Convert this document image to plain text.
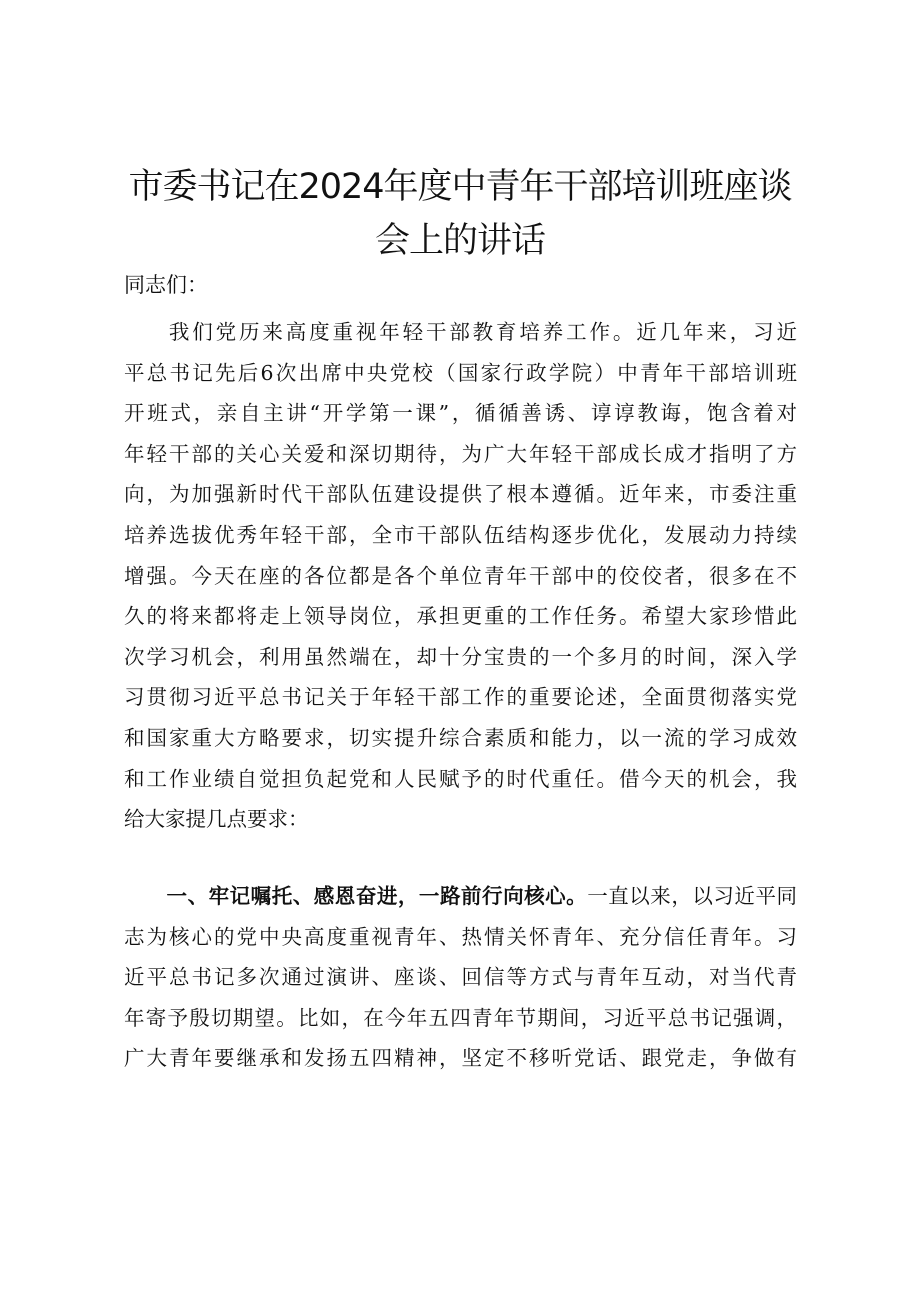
市委书记在2024年度中青年干部培训班座谈
会上的讲话

同志们：

我们党历来高度重视年轻干部教育培养工作。近几年来，习近
平总书记先后6次出席中央党校（国家行政学院）中青年干部培训班
开班式，亲自主讲“开学第一课”，循循善诱、谆谆教诲，饱含着对
年轻干部的关心关爱和深切期待，为广大年轻干部成长成才指明了方
向，为加强新时代干部队伍建设提供了根本遵循。近年来，市委注重
培养选拔优秀年轻干部，全市干部队伍结构逐步优化，发展动力持续
增强。今天在座的各位都是各个单位青年干部中的佼佼者，很多在不
久的将来都将走上领导岗位，承担更重的工作任务。希望大家珍惜此
次学习机会，利用虽然端在，却十分宝贵的一个多月的时间，深入学
习贯彻习近平总书记关于年轻干部工作的重要论述，全面贯彻落实党
和国家重大方略要求，切实提升综合素质和能力，以一流的学习成效
和工作业绩自觉担负起党和人民赋予的时代重任。借今天的机会，我
给大家提几点要求：
一、牢记嘱托、感恩奋进，一路前行向核心。一直以来，以习近平同
志为核心的党中央高度重视青年、热情关怀青年、充分信任青年。习
近平总书记多次通过演讲、座谈、回信等方式与青年互动，对当代青
年寄予殷切期望。比如，在今年五四青年节期间，习近平总书记强调，
广大青年要继承和发扬五四精神，坚定不移听党话、跟党走，争做有
